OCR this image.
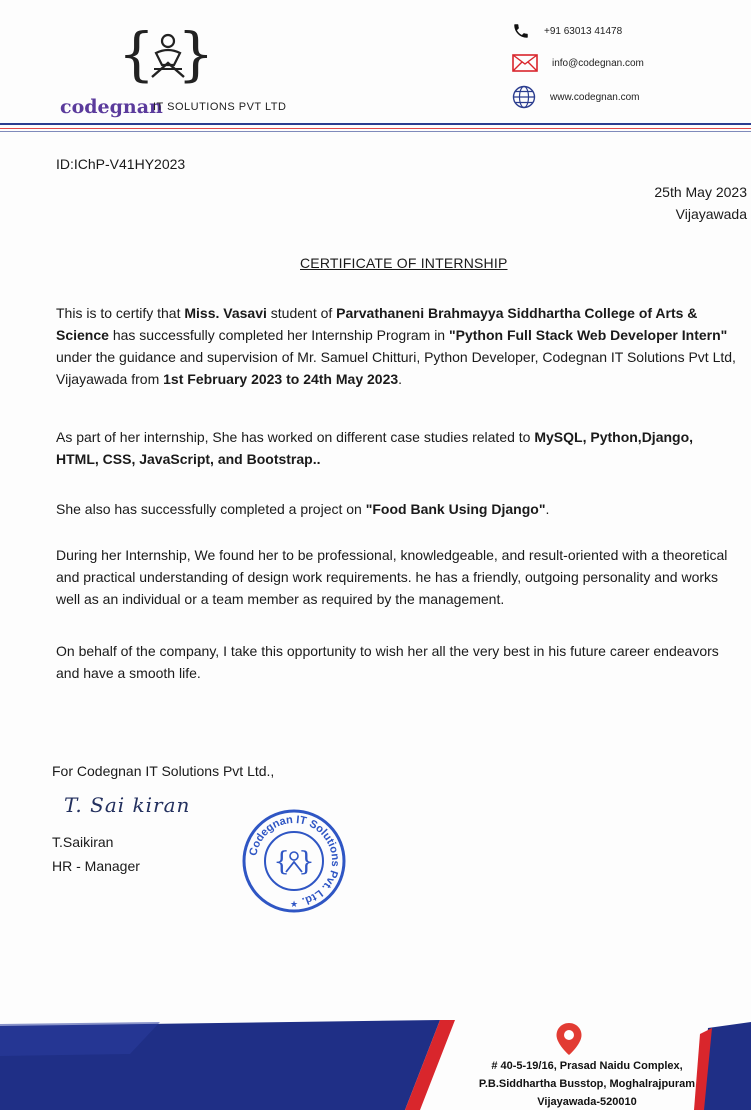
{ }
codegnan
IT SOLUTIONS PVT LTD
+91 63013 41478
info@codegnan.com
www.codegnan.com
ID:IChP-V41HY2023
25th May 2023
Vijayawada
CERTIFICATE OF INTERNSHIP
This is to certify that Miss. Vasavi student of Parvathaneni Brahmayya Siddhartha College of Arts & Science has successfully completed her Internship Program in "Python Full Stack Web Developer Intern" under the guidance and supervision of Mr. Samuel Chitturi, Python Developer, Codegnan IT Solutions Pvt Ltd, Vijayawada from 1st February 2023 to 24th May 2023.
As part of her internship, She has worked on different case studies related to MySQL, Python,Django, HTML, CSS, JavaScript, and Bootstrap..
She also has successfully completed a project on "Food Bank Using Django".
During her Internship, We found her to be professional, knowledgeable, and result-oriented with a theoretical and practical understanding of design work requirements. he has a friendly, outgoing personality and works well as an individual or a team member as required by the management.
On behalf of the company, I take this opportunity to wish her all the very best in his future career endeavors and have a smooth life.
For Codegnan IT Solutions Pvt Ltd.,
T. Sai kiran
T.Saikiran
HR - Manager
Codegnan IT Solutions Pvt. Ltd.
{ }
★
# 40-5-19/16, Prasad Naidu Complex,
P.B.Siddhartha Busstop, Moghalrajpuram
Vijayawada-520010
